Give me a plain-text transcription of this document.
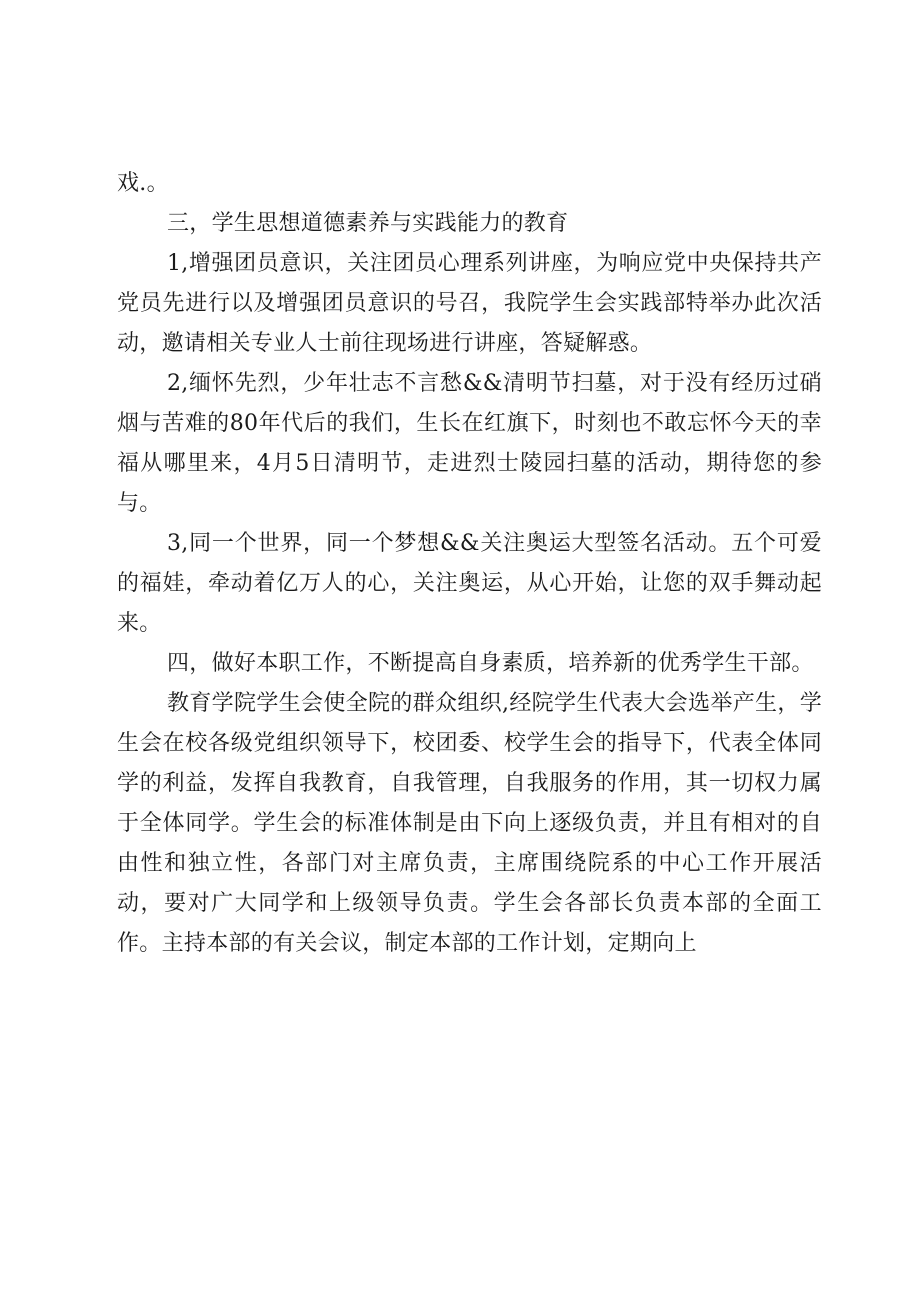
戏.。

三，学生思想道德素养与实践能力的教育

1,增强团员意识，关注团员心理系列讲座，为响应党中央保持共产党员先进行以及增强团员意识的号召，我院学生会实践部特举办此次活动，邀请相关专业人士前往现场进行讲座，答疑解惑。

2,缅怀先烈，少年壮志不言愁&&清明节扫墓，对于没有经历过硝烟与苦难的80年代后的我们，生长在红旗下，时刻也不敢忘怀今天的幸福从哪里来，4月5日清明节，走进烈士陵园扫墓的活动，期待您的参与。

3,同一个世界，同一个梦想&&关注奥运大型签名活动。五个可爱的福娃，牵动着亿万人的心，关注奥运，从心开始，让您的双手舞动起来。

四，做好本职工作，不断提高自身素质，培养新的优秀学生干部。

教育学院学生会使全院的群众组织,经院学生代表大会选举产生，学生会在校各级党组织领导下，校团委、校学生会的指导下，代表全体同学的利益，发挥自我教育，自我管理，自我服务的作用，其一切权力属于全体同学。学生会的标准体制是由下向上逐级负责，并且有相对的自由性和独立性，各部门对主席负责，主席围绕院系的中心工作开展活动，要对广大同学和上级领导负责。学生会各部长负责本部的全面工作。主持本部的有关会议，制定本部的工作计划，定期向上
